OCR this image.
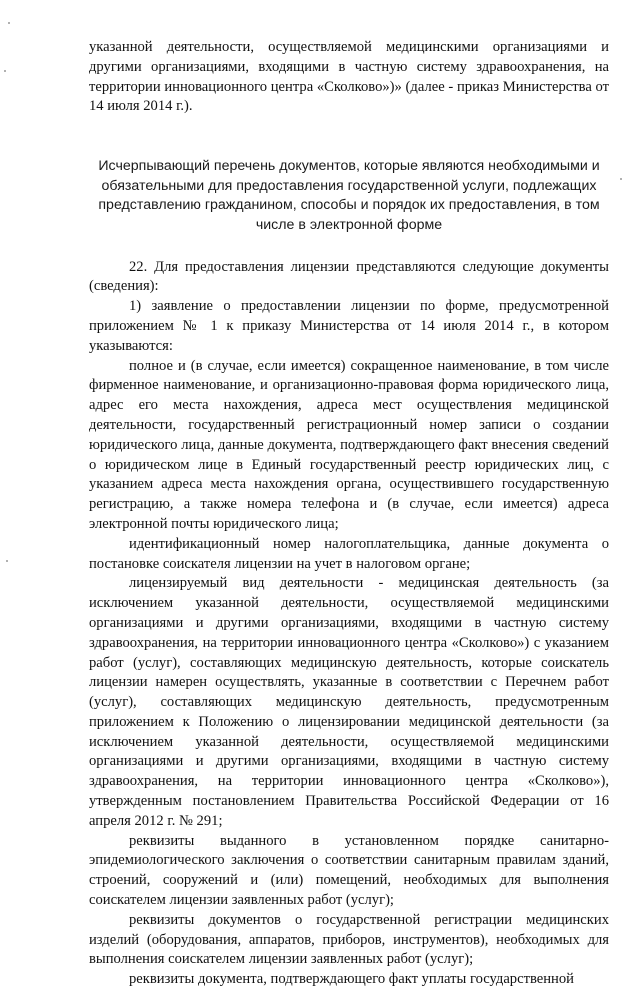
указанной деятельности, осуществляемой медицинскими организациями и другими организациями, входящими в частную систему здравоохранения, на территории инновационного центра «Сколково»)» (далее - приказ Министерства от 14 июля 2014 г.).

Исчерпывающий перечень документов, которые являются необходимыми и обязательными для предоставления государственной услуги, подлежащих представлению гражданином, способы и порядок их предоставления, в том числе в электронной форме

22. Для предоставления лицензии представляются следующие документы (сведения):

1) заявление о предоставлении лицензии по форме, предусмотренной приложением № 1 к приказу Министерства от 14 июля 2014 г., в котором указываются:

полное и (в случае, если имеется) сокращенное наименование, в том числе фирменное наименование, и организационно-правовая форма юридического лица, адрес его места нахождения, адреса мест осуществления медицинской деятельности, государственный регистрационный номер записи о создании юридического лица, данные документа, подтверждающего факт внесения сведений о юридическом лице в Единый государственный реестр юридических лиц, с указанием адреса места нахождения органа, осуществившего государственную регистрацию, а также номера телефона и (в случае, если имеется) адреса электронной почты юридического лица;

идентификационный номер налогоплательщика, данные документа о постановке соискателя лицензии на учет в налоговом органе;

лицензируемый вид деятельности - медицинская деятельность (за исключением указанной деятельности, осуществляемой медицинскими организациями и другими организациями, входящими в частную систему здравоохранения, на территории инновационного центра «Сколково») с указанием работ (услуг), составляющих медицинскую деятельность, которые соискатель лицензии намерен осуществлять, указанные в соответствии с Перечнем работ (услуг), составляющих медицинскую деятельность, предусмотренным приложением к Положению о лицензировании медицинской деятельности (за исключением указанной деятельности, осуществляемой медицинскими организациями и другими организациями, входящими в частную систему здравоохранения, на территории инновационного центра «Сколково»), утвержденным постановлением Правительства Российской Федерации от 16 апреля 2012 г. № 291;

реквизиты выданного в установленном порядке санитарно-эпидемиологического заключения о соответствии санитарным правилам зданий, строений, сооружений и (или) помещений, необходимых для выполнения соискателем лицензии заявленных работ (услуг);

реквизиты документов о государственной регистрации медицинских изделий (оборудования, аппаратов, приборов, инструментов), необходимых для выполнения соискателем лицензии заявленных работ (услуг);

реквизиты документа, подтверждающего факт уплаты государственной
